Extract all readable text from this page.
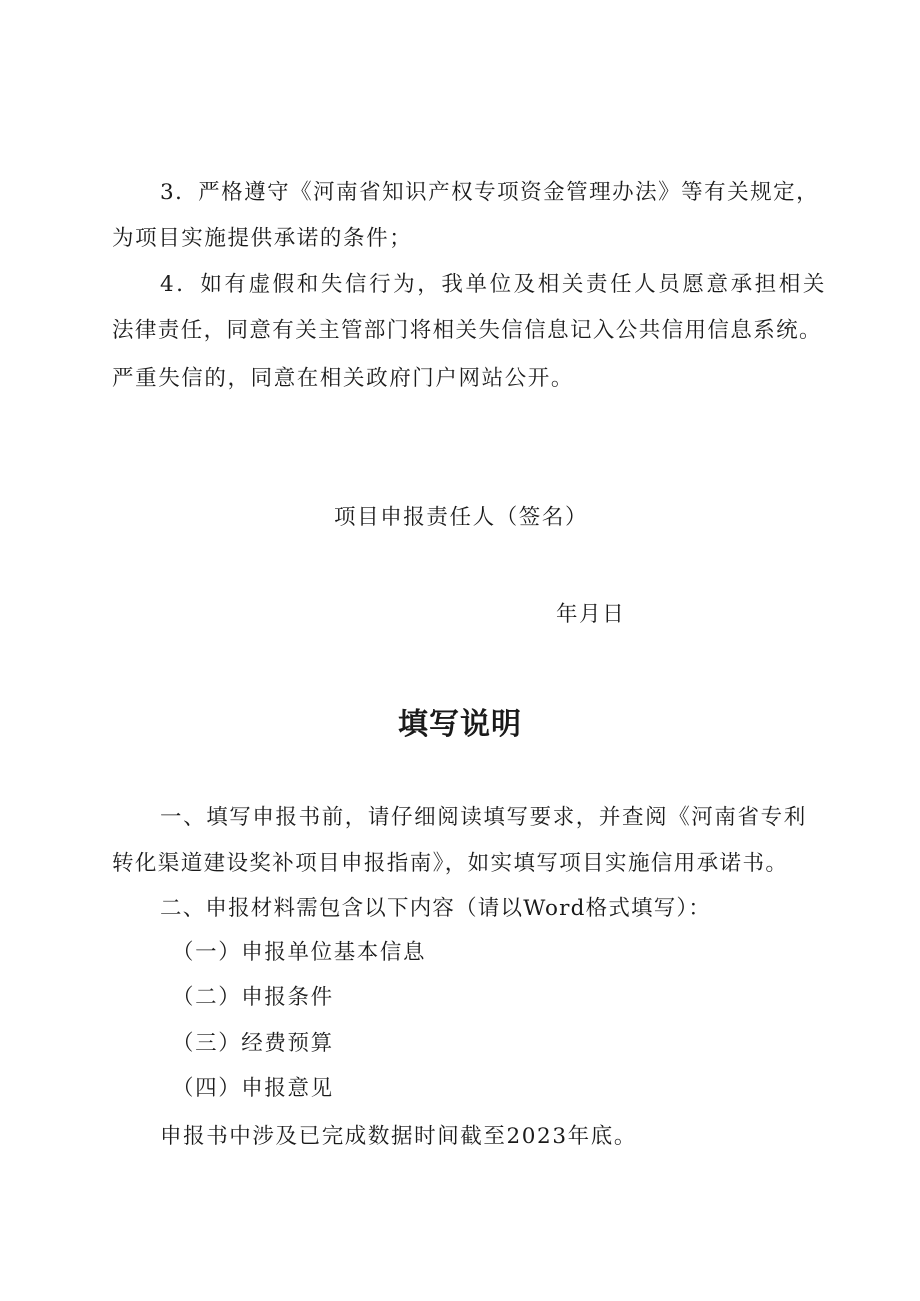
3．严格遵守《河南省知识产权专项资金管理办法》等有关规定，
为项目实施提供承诺的条件；
4．如有虚假和失信行为，我单位及相关责任人员愿意承担相关
法律责任，同意有关主管部门将相关失信信息记入公共信用信息系统。
严重失信的，同意在相关政府门户网站公开。
项目申报责任人（签名）
年月日
填写说明
一、填写申报书前，请仔细阅读填写要求，并查阅《河南省专利
转化渠道建设奖补项目申报指南》，如实填写项目实施信用承诺书。
二、申报材料需包含以下内容（请以Word格式填写）：
（一）申报单位基本信息
（二）申报条件
（三）经费预算
（四）申报意见
申报书中涉及已完成数据时间截至2023年底。
